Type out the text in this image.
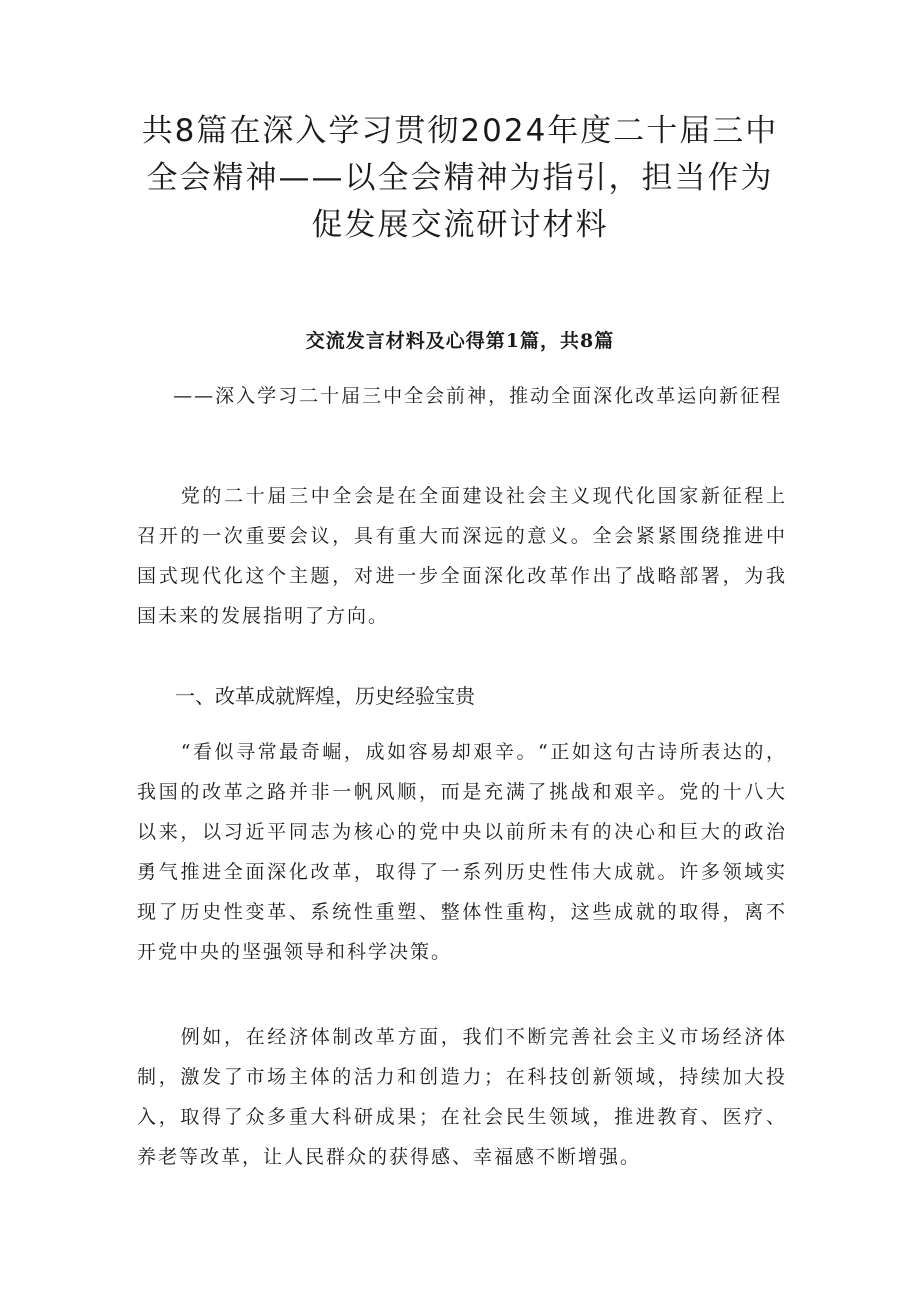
共8篇在深入学习贯彻2024年度二十届三中全会精神——以全会精神为指引，担当作为促发展交流研讨材料
交流发言材料及心得第1篇，共8篇

——深入学习二十届三中全会前神，推动全面深化改革运向新征程

党的二十届三中全会是在全面建设社会主义现代化国家新征程上召开的一次重要会议，具有重大而深远的意义。全会紧紧围绕推进中国式现代化这个主题，对进一步全面深化改革作出了战略部署，为我国未来的发展指明了方向。

一、改革成就辉煌，历史经验宝贵

“看似寻常最奇崛，成如容易却艰辛。“正如这句古诗所表达的，我国的改革之路并非一帆风顺，而是充满了挑战和艰辛。党的十八大以来，以习近平同志为核心的党中央以前所未有的决心和巨大的政治勇气推进全面深化改革，取得了一系列历史性伟大成就。许多领域实现了历史性变革、系统性重塑、整体性重构，这些成就的取得，离不开党中央的坚强领导和科学决策。

例如，在经济体制改革方面，我们不断完善社会主义市场经济体制，激发了市场主体的活力和创造力；在科技创新领域，持续加大投入，取得了众多重大科研成果；在社会民生领域，推进教育、医疗、养老等改革，让人民群众的获得感、幸福感不断增强。
